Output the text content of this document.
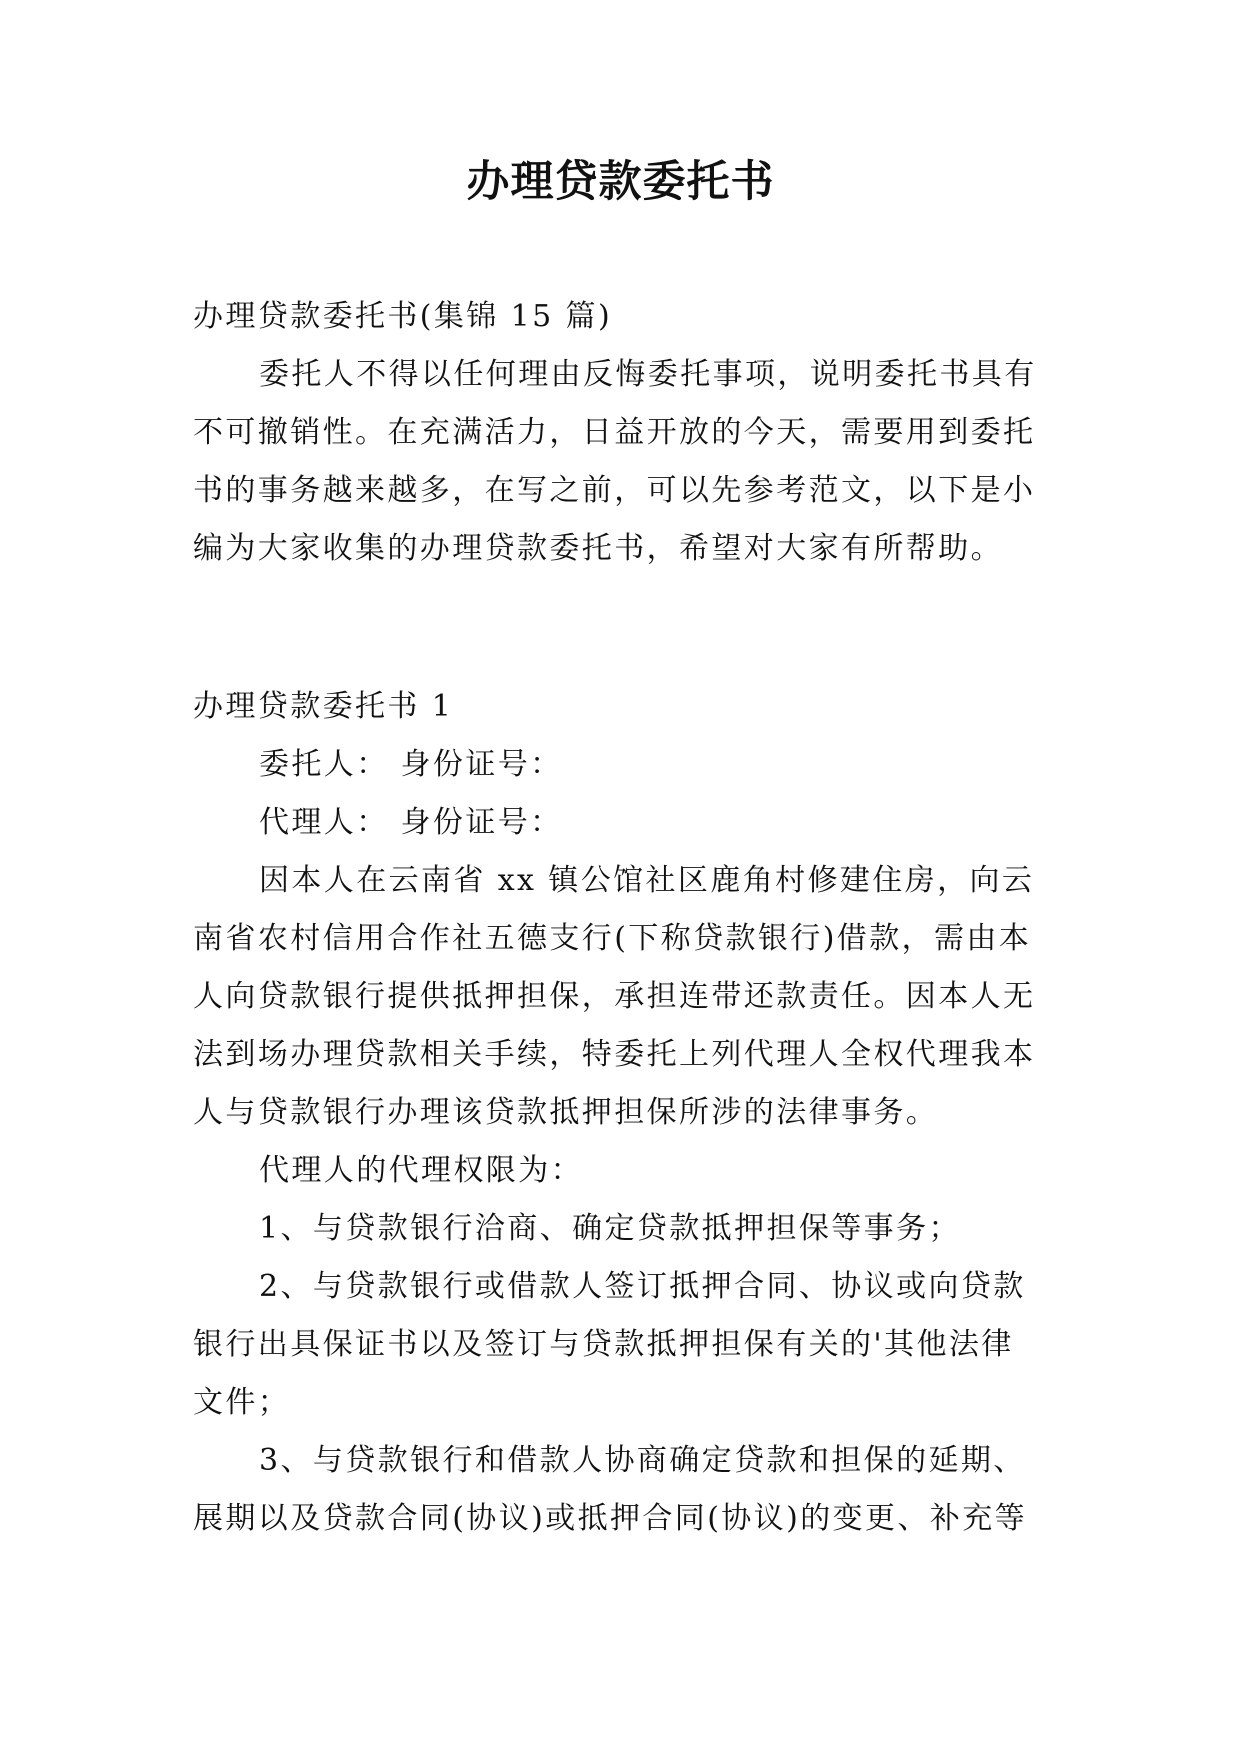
办理贷款委托书

办理贷款委托书(集锦 15 篇)

委托人不得以任何理由反悔委托事项，说明委托书具有

不可撤销性。在充满活力，日益开放的今天，需要用到委托

书的事务越来越多，在写之前，可以先参考范文，以下是小

编为大家收集的办理贷款委托书，希望对大家有所帮助。

办理贷款委托书 1

委托人： 身份证号：

代理人： 身份证号：

因本人在云南省 xx 镇公馆社区鹿角村修建住房，向云

南省农村信用合作社五德支行(下称贷款银行)借款，需由本

人向贷款银行提供抵押担保，承担连带还款责任。因本人无

法到场办理贷款相关手续，特委托上列代理人全权代理我本

人与贷款银行办理该贷款抵押担保所涉的法律事务。

代理人的代理权限为：

1、与贷款银行洽商、确定贷款抵押担保等事务；

2、与贷款银行或借款人签订抵押合同、协议或向贷款

银行出具保证书以及签订与贷款抵押担保有关的'其他法律

文件；

3、与贷款银行和借款人协商确定贷款和担保的延期、

展期以及贷款合同(协议)或抵押合同(协议)的变更、补充等
